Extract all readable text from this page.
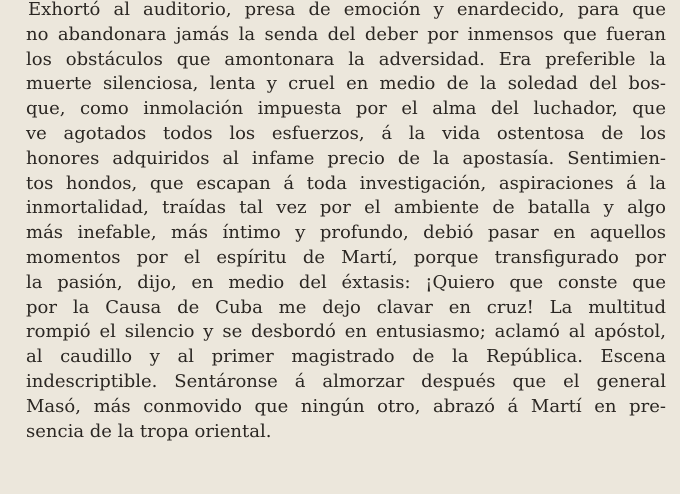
Exhortó al auditorio, presa de emoción y enardecido, para que
no abandonara jamás la senda del deber por inmensos que fueran
los obstáculos que amontonara la adversidad. Era preferible la
muerte silenciosa, lenta y cruel en medio de la soledad del bos-
que, como inmolación impuesta por el alma del luchador, que
ve agotados todos los esfuerzos, á la vida ostentosa de los
honores adquiridos al infame precio de la apostasía. Sentimien-
tos hondos, que escapan á toda investigación, aspiraciones á la
inmortalidad, traídas tal vez por el ambiente de batalla y algo
más inefable, más íntimo y profundo, debió pasar en aquellos
momentos por el espíritu de Martí, porque transfigurado por
la pasión, dijo, en medio del éxtasis: ¡Quiero que conste que
por la Causa de Cuba me dejo clavar en cruz! La multitud
rompió el silencio y se desbordó en entusiasmo; aclamó al apóstol,
al caudillo y al primer magistrado de la República. Escena
indescriptible. Sentáronse á almorzar después que el general
Masó, más conmovido que ningún otro, abrazó á Martí en pre-
sencia de la tropa oriental.
